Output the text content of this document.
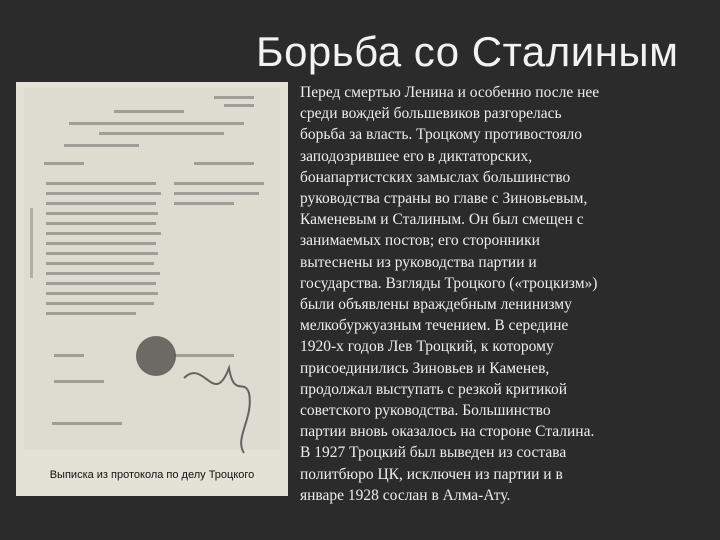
Борьба со Сталиным
Выписка из протокола по делу Троцкого
Перед смертью Ленина и особенно после нее
среди вождей большевиков разгорелась
борьба за власть. Троцкому противостояло
заподозрившее его в диктаторских,
бонапартистских замыслах большинство
руководства страны во главе с Зиновьевым,
Каменевым и Сталиным. Он был смещен с
занимаемых постов; его сторонники
вытеснены из руководства партии и
государства. Взгляды Троцкого («троцкизм»)
были объявлены враждебным ленинизму
мелкобуржуазным течением. В середине
1920-х годов Лев Троцкий, к которому
присоединились Зиновьев и Каменев,
продолжал выступать с резкой критикой
советского руководства. Большинство
партии вновь оказалось на стороне Сталина.
В 1927 Троцкий был выведен из состава
политбюро ЦК, исключен из партии и в
январе 1928 сослан в Алма-Ату.
